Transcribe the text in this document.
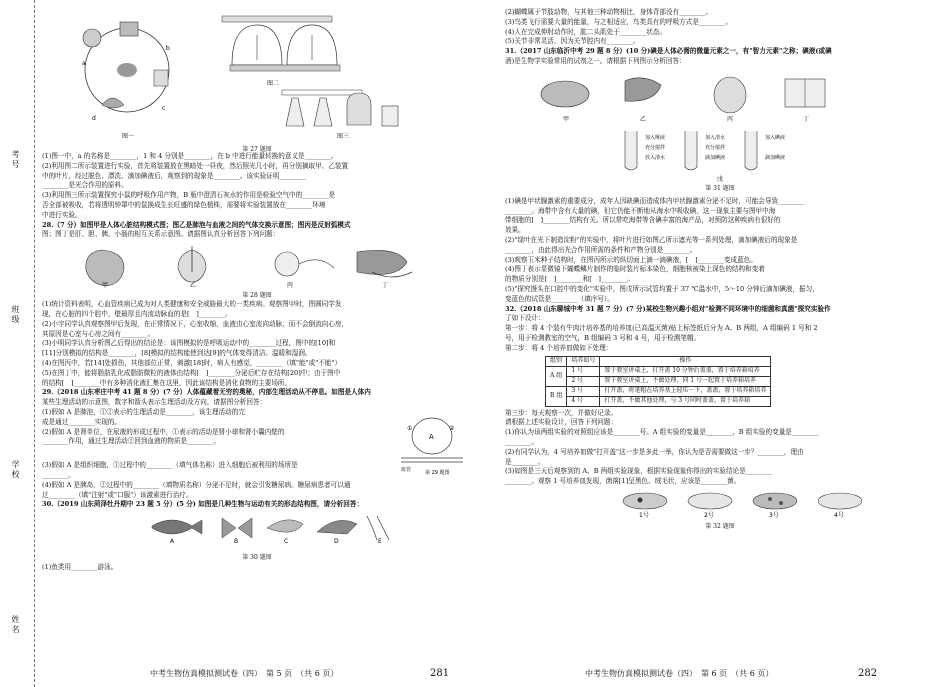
考号
班级
学校
姓名
a
b
c
d
图一
图二
图三
第 27 题图
(1)图一中，a 的名称是________，1 和 4 分别是________，在 b 中进行能量转换的意义是________。
(2)利用图二所示装置进行实验，首先将装置放在黑暗处一昼夜，然后照光几小时，再分别摘取甲、乙装置
中的叶片，经过脱色、漂洗、滴加碘液后，观察到的现象是________。该实验证明________
________是光合作用的原料。
(3)利用图三所示装置探究小鼠的呼吸作用产物，B 瓶中澄清石灰水的作用是检验空气中的________是
否全部被吸收，若将透明钟罩中的鼠换成生长旺盛的绿色植株，需要将实验装置放在________环境
中进行实验。
28.（7 分）如图甲是人体心脏结构模式图；图乙是肺泡与血液之间的气体交换示意图；图丙是反射弧模式
图；图丁是肝、胆、胰、小肠的相互关系示意图。请据图认真分析回答下列问题：
甲	乙	丙	丁
第 28 题图
(1)统计资料表明，心血管疾病已成为对人类健康和安全威胁最大的一类疾病。观察图甲时，图圆同学发
现，在心脏的四个腔中，壁最厚且内流动脉血的是[　]________。
(2)小宇同学认真观察图甲后发现，在正常情况下，心室收缩，血液由心室流向动脉，而不会倒流向心房，
其原因是心室与心房之间有________。
(3)小明同学认真分析图乙后得出的结论是：该图模拟的是呼吸运动中的________过程，图中的[10]和
[11]分别模拟的结构是________，[8]模拟的结构能使到达[9]的气体变得清洁、温暖和湿润。
(4)在图丙中，若[14]处损伤，其他部位正常，刺激[18]时，病人有感觉，________（填"能"或"不能"）
(5)在图丁中，能将脂肪乳化成脂肪微粒的液体由结构[　]________分泌后贮存在结构[20]中；由于图中
的结构[　]________中有多种消化液汇集在这里，因此该结构是消化食物的主要场所。
29.（2018 山东枣庄中考 41 题 8 分）(7 分）人体蕴藏着无穷的奥秘，内部生理活动从不停息。如图是人体内
某些生理活动的示意图，数字和箭头表示生理活动及方向，请据图分析回答：
(1)假如 A 是肺泡，①②表示的生理活动是________，该生理活动的完
成是通过________实现的。
(2)假如 A 是肾单位，在尿液的形成过程中，①表示的活动是肾小球和肾小囊内壁的
________作用，通过生理活动②回到血液的物质是________。
(3)假如 A 是组织细胞，①过程中的________（填气体名称）进入细胞后被利用的场所是
________。
A
①	②
血管	第 29 题图
(4)假如 A 是胰岛，②过程中的________（填物质名称）分泌不足时，就会引发糖尿病。糖尿病患者可以通
过________（填"注射"或"口服"）该激素进行治疗。
30.（2019 山东菏泽牡丹期中 23 题 5 分）(5 分) 如图是几种生物与运动有关的形态结构图，请分析回答：
A	B	C	D	E
第 30 题图
(1)鱼类用________游泳。
中考生物仿真模拟测试卷（四）　第 5 页　（共 6 页）	281
(2)蝴蝶属于节肢动物，与其他三种动物相比，身体背部没有________。
(3)鸟类飞行需要大量的能量，与之相适应，鸟类具有的呼吸方式是________。
(4)人在完成伸肘动作时，肱二头肌处于________状态。
(5)关节非常灵活，因为关节腔内有________。
31.（2017 山东临沂中考 29 题 8 分）(10 分)碘是人体必需的微量元素之一，有"智力元素"之称；碘液(或碘
酒)是生物学实验常用的试剂之一。请根据下列图示分析回答：
甲	乙	丙	丁
加入唾液
充分搅拌
放入清水
加入清水
充分搅拌
滴加碘液
加入碘液
滴加碘液
戊
第 31 题图
(1)碘是甲状腺激素的重要成分，成年人因缺碘而造成体内甲状腺激素分泌不足时，可能会导致________
________。海带中含有大量的碘，但它仍能不断地从海水中吸收碘，这一现象主要与图甲中海
带细胞的[　]________结构有关。所以常吃海带等含碘丰富的海产品，对预防这种疾病有很好的
效果。
(2)"绿叶在光下制造淀粉"的实验中，将叶片进行如图乙所示遮光等一系列处理，滴加碘液后的现象是
________，由此得出光合作用所需的条件和产物分别是________。
(3)观察玉米种子结构时，在图丙所示的纵切面上滴一滴碘液，[　]________变成蓝色。
(4)图丁表示显微镜下蝴蝶鳞片制作的临时装片标本染色，细胞核被染上深色的结构和变着
的物质分别是[　]________和[　]________。
(5)"探究馒头在口腔中的变化"实验中，图戊所示试管均置于 37 ℃温水中，5～10 分钟后滴加碘液，振匀，
变蓝色的试管是________（填序号）。
32.（2018 山东聊城中考 31 题 7 分）(7 分)某校生物兴趣小组对"检测不同环境中的细菌和真菌"探究实验作
了如下设计：
第一步：将 4 个装有牛肉汁培养基的培养皿(已高温灭菌)贴上标签纸后分为 A、B 两组，A 组编码 1 号和 2
号，用于检测教室的空气，B 组编码 3 号和 4 号，用于检测笔帽。
第二步：将 4 个培养皿做如下处理：
组别	培养皿号	操作
A 组	1 号	置于教室讲桌上，打开盖 10 分钟后盖盖，置于培养箱培养
	2 号	置于教室讲桌上，不做处理，同 1 号一起置于培养箱培养
B 组	3 号	打开盖，将笔帽在培养基上轻压一下，盖盖，置于培养箱培养
	4 号	打开盖，不做其他处理，与 3 号同时盖盖，置于培养箱
第三步：每天观察一次，并做好记录。
请根据上述实验设计，回答下列问题：
(1)你认为该两组实验的对照组应该是________号。A 组实验的变量是________，B 组实验的变量是________
________。
(2)有同学认为，4 号培养皿做"打开盖"这一步是多此一举，你认为是否需要做这一步？________，理由
是________。
(3)如图是三天后观察到的 A、B 两组实验现象，根据实验现象你得出的实验结论是________
________。观察 1 号培养皿发现，菌落[1]呈黑色、绒毛状，应该是________菌。
1号	2号	3号	4号
第 32 题图
中考生物仿真模拟测试卷（四）　第 6 页　（共 6 页）	282
